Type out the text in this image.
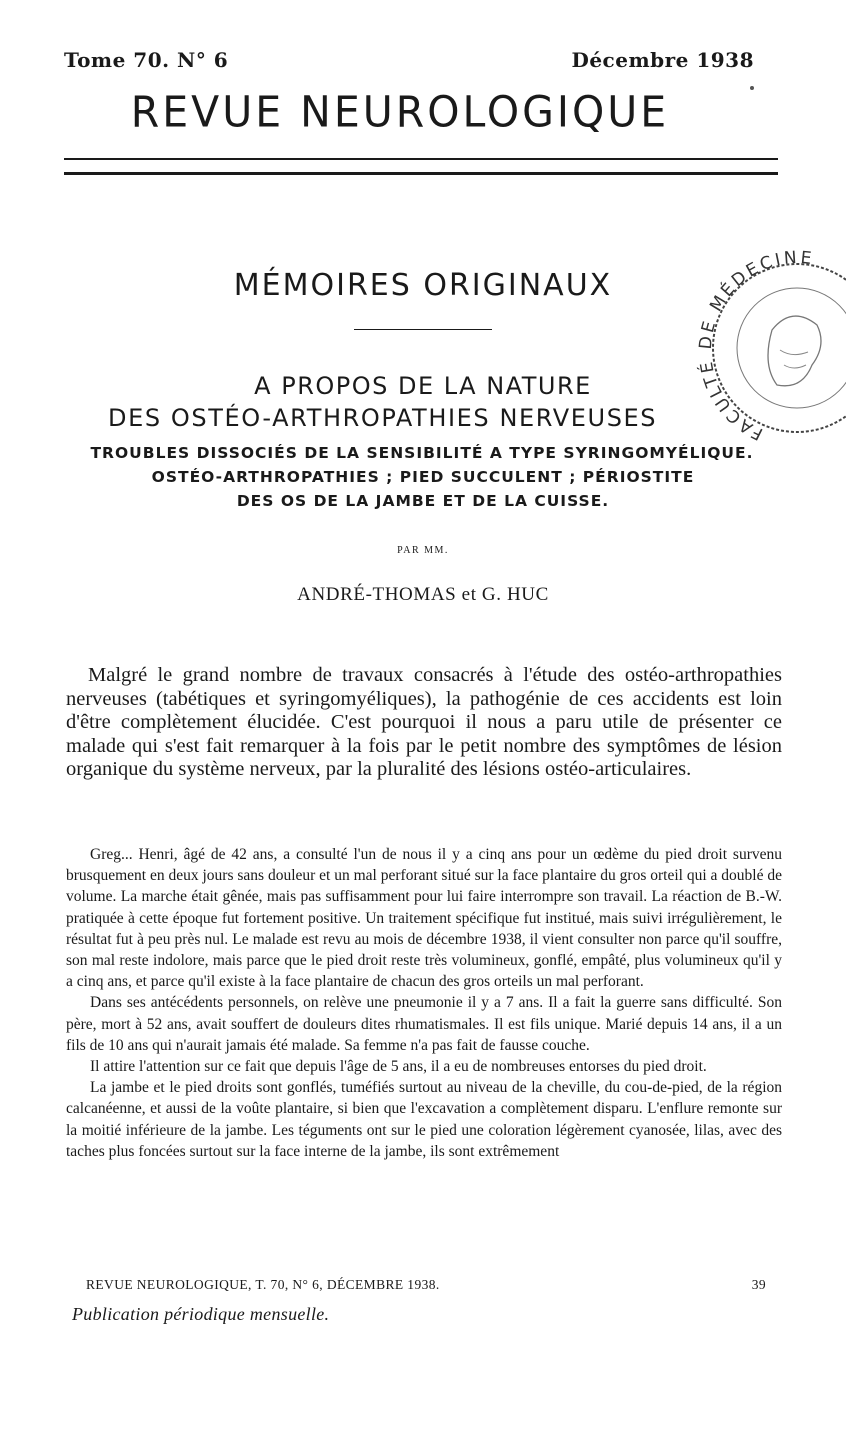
Tome 70. N° 6	Décembre 1938
REVUE NEUROLOGIQUE
MÉMOIRES ORIGINAUX
A PROPOS DE LA NATURE
DES OSTÉO-ARTHROPATHIES NERVEUSES
TROUBLES DISSOCIÉS DE LA SENSIBILITÉ A TYPE SYRINGOMYÉLIQUE.
OSTÉO-ARTHROPATHIES ; PIED SUCCULENT ; PÉRIOSTITE
DES OS DE LA JAMBE ET DE LA CUISSE.
PAR MM.
ANDRÉ-THOMAS et G. HUC
Malgré le grand nombre de travaux consacrés à l'étude des ostéo-arthropathies nerveuses (tabétiques et syringomyéliques), la pathogénie de ces accidents est loin d'être complètement élucidée. C'est pourquoi il nous a paru utile de présenter ce malade qui s'est fait remarquer à la fois par le petit nombre des symptômes de lésion organique du système nerveux, par la pluralité des lésions ostéo-articulaires.

Greg... Henri, âgé de 42 ans, a consulté l'un de nous il y a cinq ans pour un œdème du pied droit survenu brusquement en deux jours sans douleur et un mal perforant situé sur la face plantaire du gros orteil qui a doublé de volume. La marche était gênée, mais pas suffisamment pour lui faire interrompre son travail. La réaction de B.-W. pratiquée à cette époque fut fortement positive. Un traitement spécifique fut institué, mais suivi irrégulièrement, le résultat fut à peu près nul. Le malade est revu au mois de décembre 1938, il vient consulter non parce qu'il souffre, son mal reste indolore, mais parce que le pied droit reste très volumineux, gonflé, empâté, plus volumineux qu'il y a cinq ans, et parce qu'il existe à la face plantaire de chacun des gros orteils un mal perforant.

Dans ses antécédents personnels, on relève une pneumonie il y a 7 ans. Il a fait la guerre sans difficulté. Son père, mort à 52 ans, avait souffert de douleurs dites rhumatismales. Il est fils unique. Marié depuis 14 ans, il a un fils de 10 ans qui n'aurait jamais été malade. Sa femme n'a pas fait de fausse couche.

Il attire l'attention sur ce fait que depuis l'âge de 5 ans, il a eu de nombreuses entorses du pied droit.

La jambe et le pied droits sont gonflés, tuméfiés surtout au niveau de la cheville, du cou-de-pied, de la région calcanéenne, et aussi de la voûte plantaire, si bien que l'excavation a complètement disparu. L'enflure remonte sur la moitié inférieure de la jambe. Les téguments ont sur le pied une coloration légèrement cyanosée, lilas, avec des taches plus foncées surtout sur la face interne de la jambe, ils sont extrêmement

REVUE NEUROLOGIQUE, T. 70, N° 6, DÉCEMBRE 1938.	39
Publication périodique mensuelle.
FACULTÉ DE MÉDECINE
